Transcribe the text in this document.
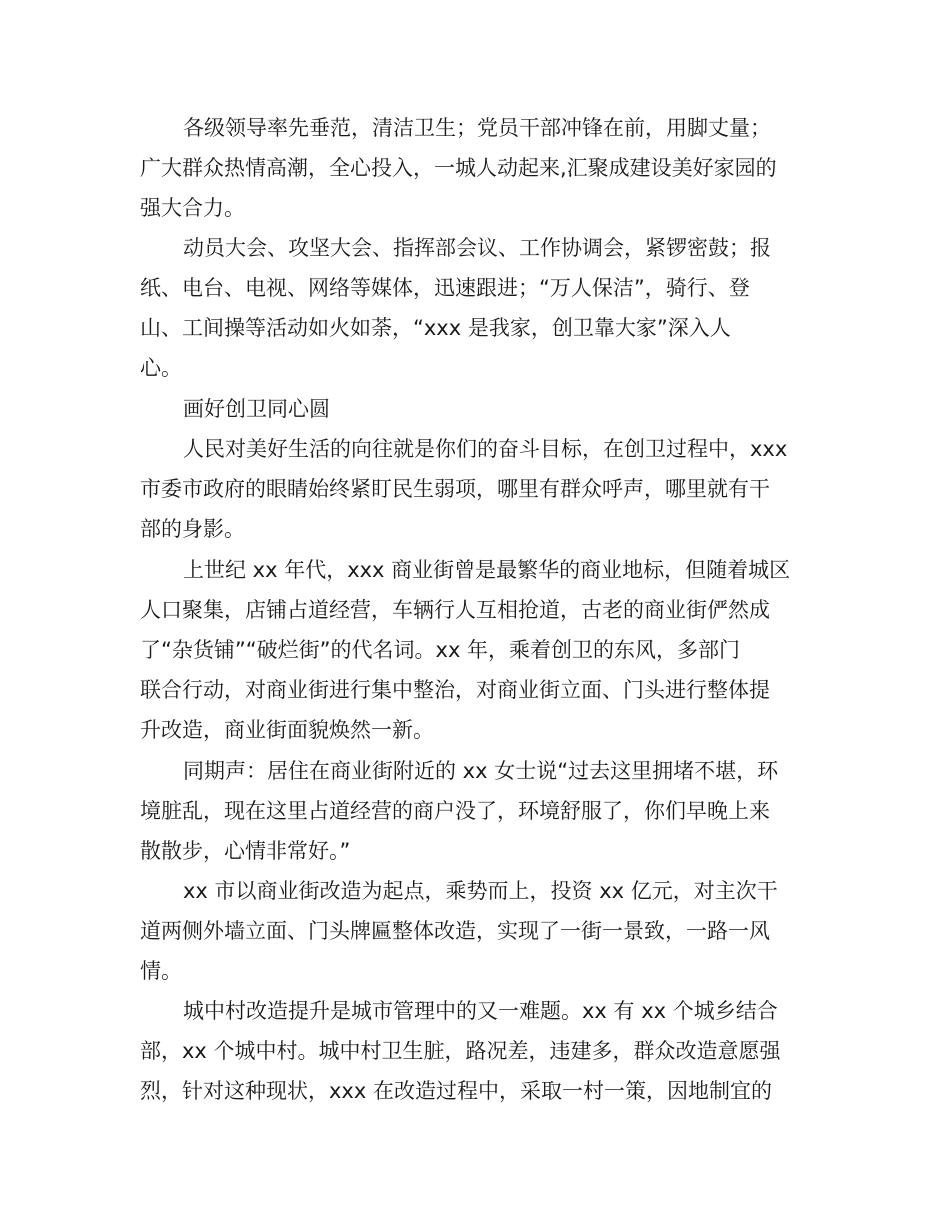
各级领导率先垂范，清洁卫生；党员干部冲锋在前，用脚丈量；
广大群众热情高潮，全心投入，一城人动起来,汇聚成建设美好家园的
强大合力。
动员大会、攻坚大会、指挥部会议、工作协调会，紧锣密鼓；报
纸、电台、电视、网络等媒体，迅速跟进；“万人保洁”，骑行、登
山、工间操等活动如火如荼，“xxx 是我家，创卫靠大家”深入人
心。
画好创卫同心圆
人民对美好生活的向往就是你们的奋斗目标，在创卫过程中，xxx
市委市政府的眼睛始终紧盯民生弱项，哪里有群众呼声，哪里就有干
部的身影。
上世纪 xx 年代，xxx 商业街曾是最繁华的商业地标，但随着城区
人口聚集，店铺占道经营，车辆行人互相抢道，古老的商业街俨然成
了“杂货铺”“破烂街”的代名词。xx 年，乘着创卫的东风，多部门
联合行动，对商业街进行集中整治，对商业街立面、门头进行整体提
升改造，商业街面貌焕然一新。
同期声：居住在商业街附近的 xx 女士说“过去这里拥堵不堪，环
境脏乱，现在这里占道经营的商户没了，环境舒服了，你们早晚上来
散散步，心情非常好。”
xx 市以商业街改造为起点，乘势而上，投资 xx 亿元，对主次干
道两侧外墙立面、门头牌匾整体改造，实现了一街一景致，一路一风
情。
城中村改造提升是城市管理中的又一难题。xx 有 xx 个城乡结合
部，xx 个城中村。城中村卫生脏，路况差，违建多，群众改造意愿强
烈，针对这种现状，xxx 在改造过程中，采取一村一策，因地制宜的
